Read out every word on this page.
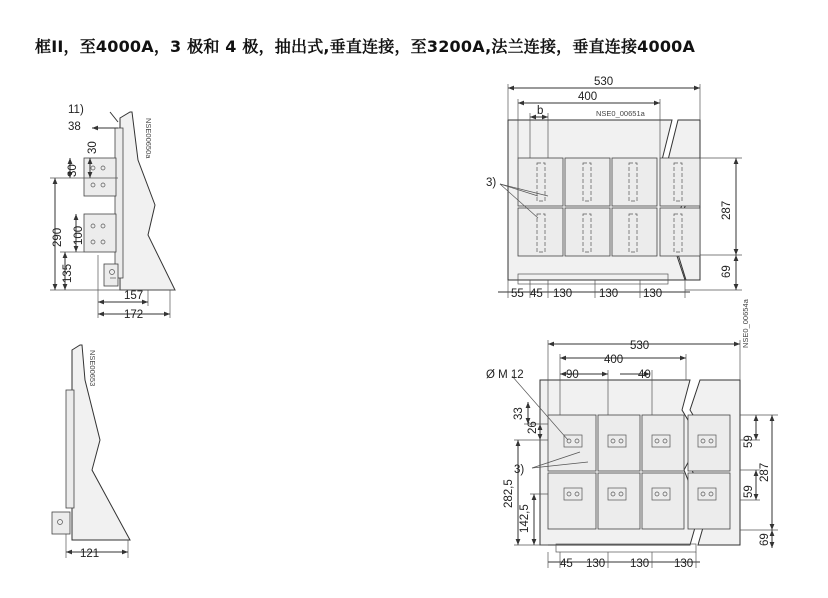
框II，至4000A，3 极和 4 极，抽出式,垂直连接，至3200A,法兰连接，垂直连接4000A
11)
38
30
30
290 100
135
157
172
NSE00650a
530
400
b	NSE0_00651a
3)
287
69
55 45 130 130 130
121
NSE00653
530
400
Ø M 12	90	40
33
26
3)
282,5
142,5
NSE0_00654a
59
59
287
69
45 130 130 130
